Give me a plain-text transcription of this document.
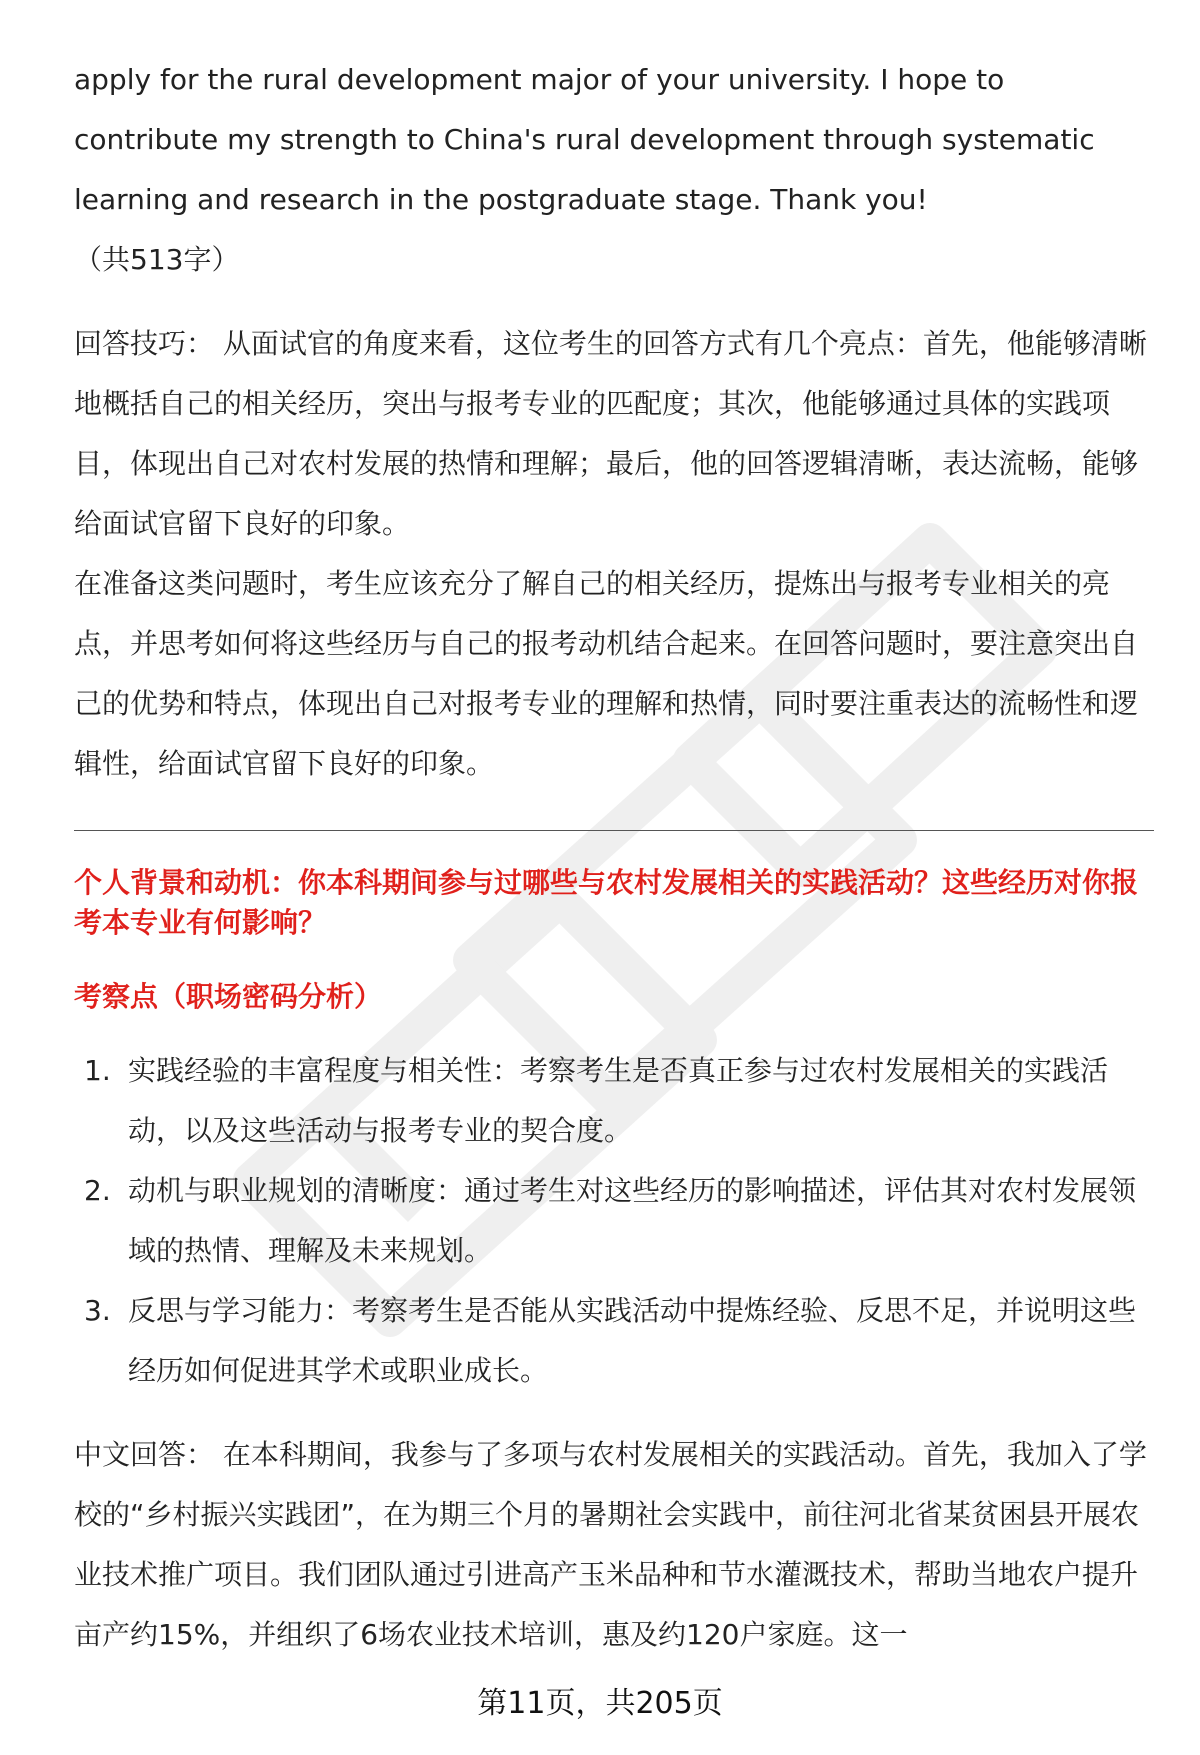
apply for the rural development major of your university. I hope to

contribute my strength to China's rural development through systematic

learning and research in the postgraduate stage. Thank you!

（共513字）

回答技巧： 从面试官的角度来看，这位考生的回答方式有几个亮点：首先，他能够清晰地概括自己的相关经历，突出与报考专业的匹配度；其次，他能够通过具体的实践项目，体现出自己对农村发展的热情和理解；最后，他的回答逻辑清晰，表达流畅，能够给面试官留下良好的印象。

在准备这类问题时，考生应该充分了解自己的相关经历，提炼出与报考专业相关的亮点，并思考如何将这些经历与自己的报考动机结合起来。在回答问题时，要注意突出自己的优势和特点，体现出自己对报考专业的理解和热情，同时要注重表达的流畅性和逻辑性，给面试官留下良好的印象。

个人背景和动机：你本科期间参与过哪些与农村发展相关的实践活动？这些经历对你报考本专业有何影响？

考察点（职场密码分析）

1. 实践经验的丰富程度与相关性：考察考生是否真正参与过农村发展相关的实践活动，以及这些活动与报考专业的契合度。
2. 动机与职业规划的清晰度：通过考生对这些经历的影响描述，评估其对农村发展领域的热情、理解及未来规划。
3. 反思与学习能力：考察考生是否能从实践活动中提炼经验、反思不足，并说明这些经历如何促进其学术或职业成长。

中文回答： 在本科期间，我参与了多项与农村发展相关的实践活动。首先，我加入了学校的“乡村振兴实践团”，在为期三个月的暑期社会实践中，前往河北省某贫困县开展农业技术推广项目。我们团队通过引进高产玉米品种和节水灌溉技术，帮助当地农户提升亩产约15%，并组织了6场农业技术培训，惠及约120户家庭。这一

第11页，共205页
